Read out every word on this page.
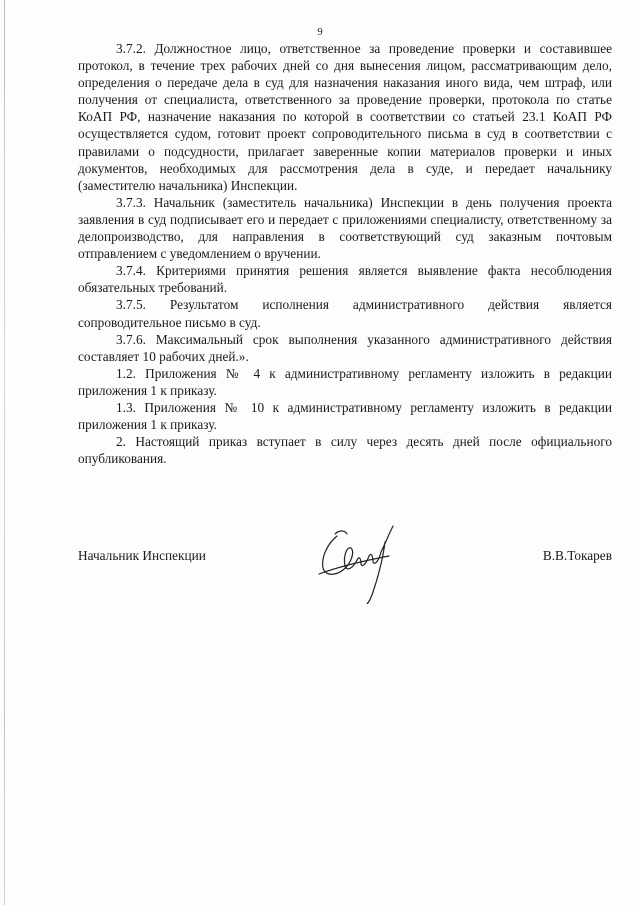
9

3.7.2. Должностное лицо, ответственное за проведение проверки и составившее протокол, в течение трех рабочих дней со дня вынесения лицом, рассматривающим дело, определения о передаче дела в суд для назначения наказания иного вида, чем штраф, или получения от специалиста, ответственного за проведение проверки, протокола по статье КоАП РФ, назначение наказания по которой в соответствии со статьей 23.1 КоАП РФ осуществляется судом, готовит проект сопроводительного письма в суд в соответствии с правилами о подсудности, прилагает заверенные копии материалов проверки и иных документов, необходимых для рассмотрения дела в суде, и передает начальнику (заместителю начальника) Инспекции.

3.7.3. Начальник (заместитель начальника) Инспекции в день получения проекта заявления в суд подписывает его и передает с приложениями специалисту, ответственному за делопроизводство, для направления в соответствующий суд заказным почтовым отправлением с уведомлением о вручении.

3.7.4. Критериями принятия решения является выявление факта несоблюдения обязательных требований.

3.7.5. Результатом исполнения административного действия является сопроводительное письмо в суд.

3.7.6. Максимальный срок выполнения указанного административного действия составляет 10 рабочих дней.».

1.2. Приложения № 4 к административному регламенту изложить в редакции приложения 1 к приказу.

1.3. Приложения № 10 к административному регламенту изложить в редакции приложения 1 к приказу.

2. Настоящий приказ вступает в силу через десять дней после официального опубликования.

Начальник Инспекции	В.В.Токарев
